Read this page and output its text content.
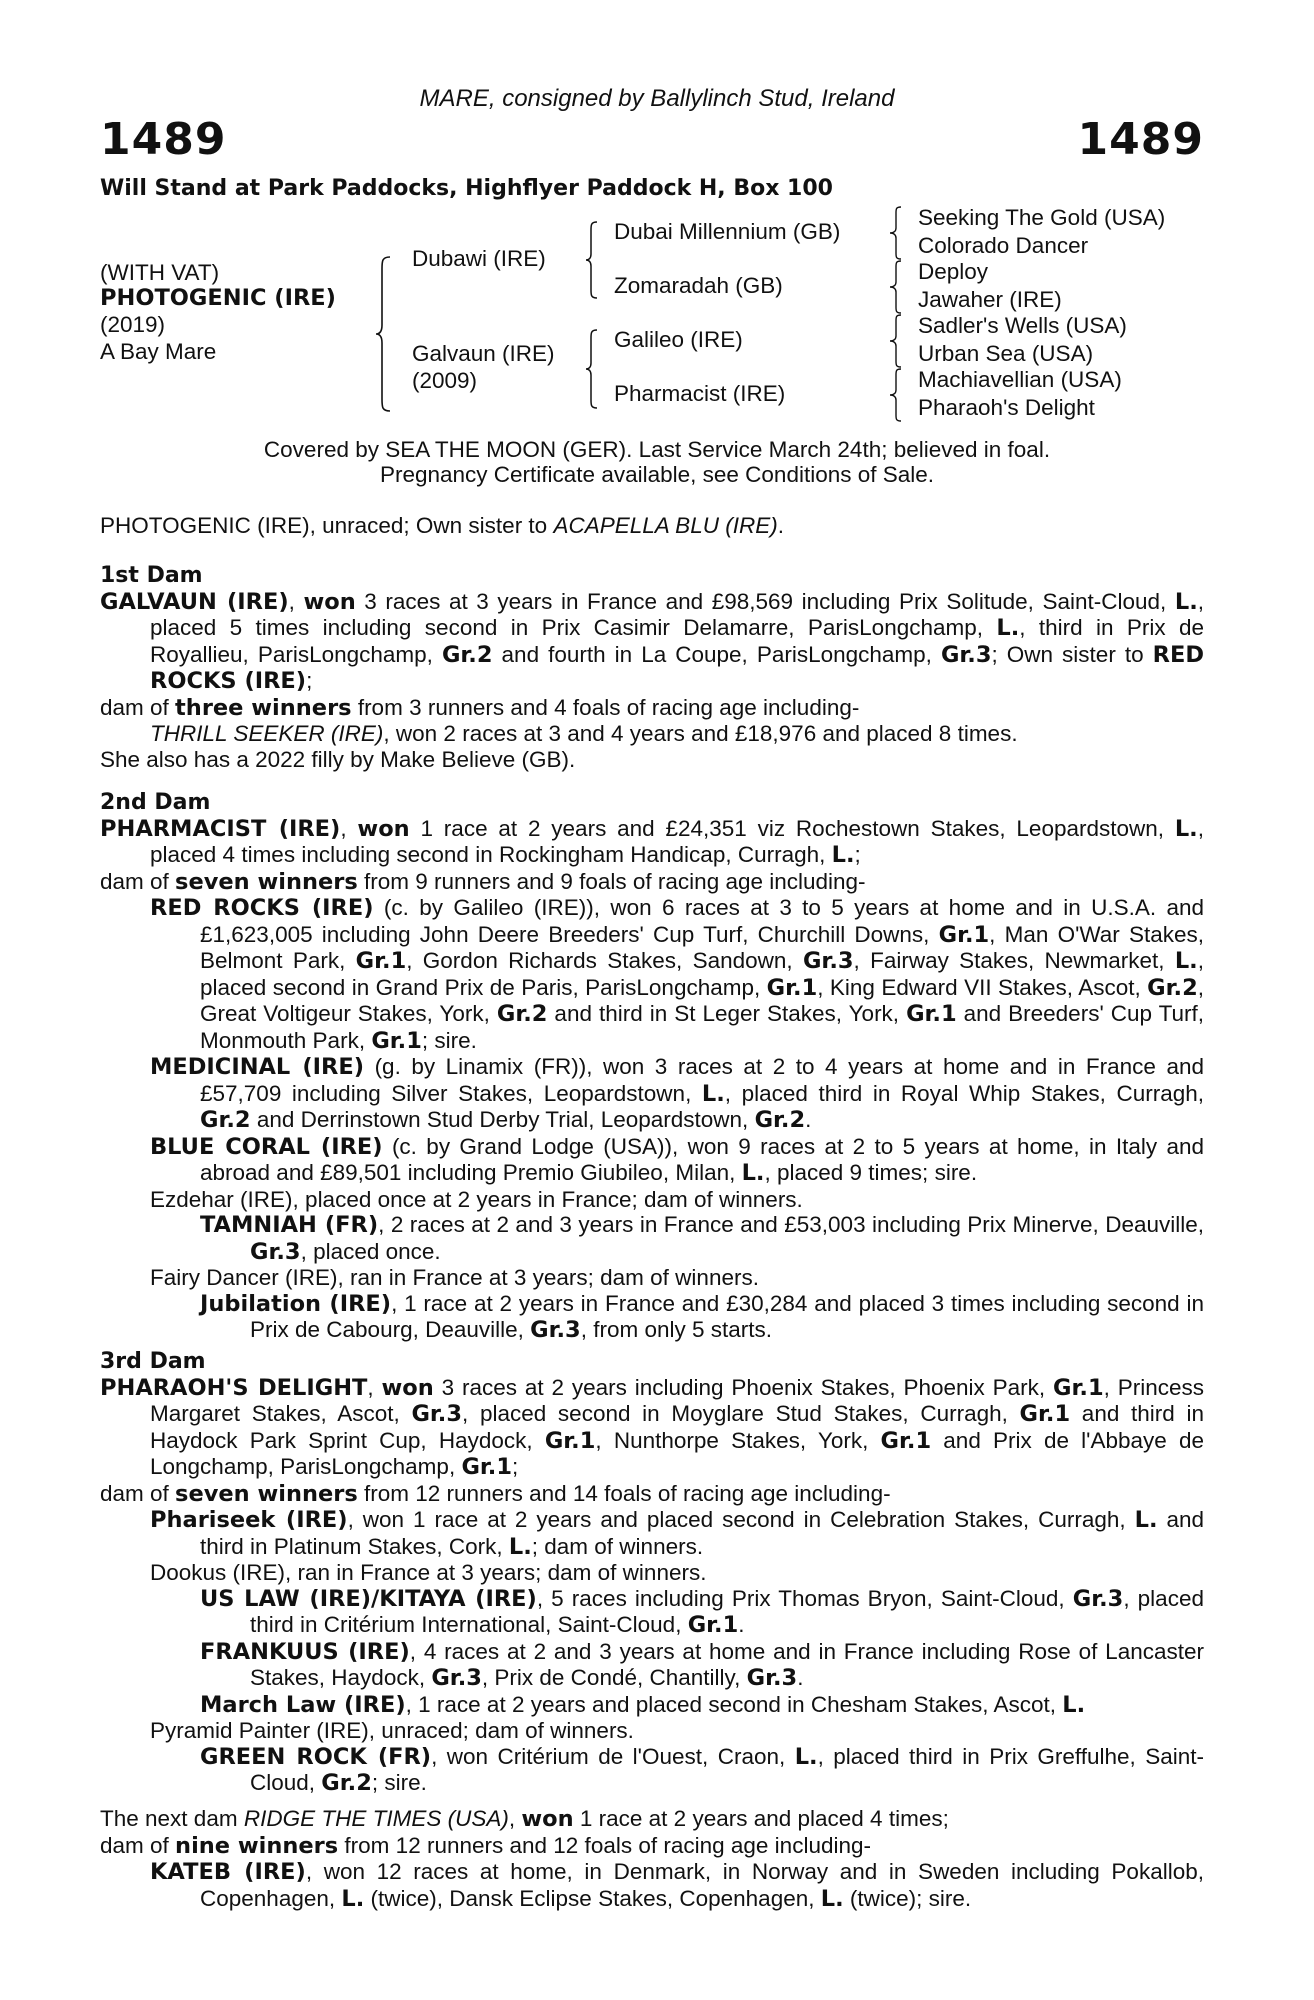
MARE, consigned by Ballylinch Stud, Ireland
1489	1489
Will Stand at Park Paddocks, Highflyer Paddock H, Box 100
(WITH VAT)
PHOTOGENIC (IRE)
(2019)
A Bay Mare
Dubawi (IRE)
Galvaun (IRE)
(2009)
Dubai Millennium (GB)
Zomaradah (GB)
Galileo (IRE)
Pharmacist (IRE)
Seeking The Gold (USA)
Colorado Dancer
Deploy
Jawaher (IRE)
Sadler's Wells (USA)
Urban Sea (USA)
Machiavellian (USA)
Pharaoh's Delight
Covered by SEA THE MOON (GER). Last Service March 24th; believed in foal.
Pregnancy Certificate available, see Conditions of Sale.
PHOTOGENIC (IRE), unraced; Own sister to ACAPELLA BLU (IRE).
1st Dam
GALVAUN (IRE), won 3 races at 3 years in France and £98,569 including Prix Solitude, Saint-Cloud, L., placed 5 times including second in Prix Casimir Delamarre, ParisLongchamp, L., third in Prix de Royallieu, ParisLongchamp, Gr.2 and fourth in La Coupe, ParisLongchamp, Gr.3; Own sister to RED ROCKS (IRE);
dam of three winners from 3 runners and 4 foals of racing age including-
THRILL SEEKER (IRE), won 2 races at 3 and 4 years and £18,976 and placed 8 times.
She also has a 2022 filly by Make Believe (GB).
2nd Dam
PHARMACIST (IRE), won 1 race at 2 years and £24,351 viz Rochestown Stakes, Leopardstown, L., placed 4 times including second in Rockingham Handicap, Curragh, L.;
dam of seven winners from 9 runners and 9 foals of racing age including-
RED ROCKS (IRE) (c. by Galileo (IRE)), won 6 races at 3 to 5 years at home and in U.S.A. and £1,623,005 including John Deere Breeders' Cup Turf, Churchill Downs, Gr.1, Man O'War Stakes, Belmont Park, Gr.1, Gordon Richards Stakes, Sandown, Gr.3, Fairway Stakes, Newmarket, L., placed second in Grand Prix de Paris, ParisLongchamp, Gr.1, King Edward VII Stakes, Ascot, Gr.2, Great Voltigeur Stakes, York, Gr.2 and third in St Leger Stakes, York, Gr.1 and Breeders' Cup Turf, Monmouth Park, Gr.1; sire.
MEDICINAL (IRE) (g. by Linamix (FR)), won 3 races at 2 to 4 years at home and in France and £57,709 including Silver Stakes, Leopardstown, L., placed third in Royal Whip Stakes, Curragh, Gr.2 and Derrinstown Stud Derby Trial, Leopardstown, Gr.2.
BLUE CORAL (IRE) (c. by Grand Lodge (USA)), won 9 races at 2 to 5 years at home, in Italy and abroad and £89,501 including Premio Giubileo, Milan, L., placed 9 times; sire.
Ezdehar (IRE), placed once at 2 years in France; dam of winners.
TAMNIAH (FR), 2 races at 2 and 3 years in France and £53,003 including Prix Minerve, Deauville, Gr.3, placed once.
Fairy Dancer (IRE), ran in France at 3 years; dam of winners.
Jubilation (IRE), 1 race at 2 years in France and £30,284 and placed 3 times including second in Prix de Cabourg, Deauville, Gr.3, from only 5 starts.
3rd Dam
PHARAOH'S DELIGHT, won 3 races at 2 years including Phoenix Stakes, Phoenix Park, Gr.1, Princess Margaret Stakes, Ascot, Gr.3, placed second in Moyglare Stud Stakes, Curragh, Gr.1 and third in Haydock Park Sprint Cup, Haydock, Gr.1, Nunthorpe Stakes, York, Gr.1 and Prix de l'Abbaye de Longchamp, ParisLongchamp, Gr.1;
dam of seven winners from 12 runners and 14 foals of racing age including-
Phariseek (IRE), won 1 race at 2 years and placed second in Celebration Stakes, Curragh, L. and third in Platinum Stakes, Cork, L.; dam of winners.
Dookus (IRE), ran in France at 3 years; dam of winners.
US LAW (IRE)/KITAYA (IRE), 5 races including Prix Thomas Bryon, Saint-Cloud, Gr.3, placed third in Critérium International, Saint-Cloud, Gr.1.
FRANKUUS (IRE), 4 races at 2 and 3 years at home and in France including Rose of Lancaster Stakes, Haydock, Gr.3, Prix de Condé, Chantilly, Gr.3.
March Law (IRE), 1 race at 2 years and placed second in Chesham Stakes, Ascot, L.
Pyramid Painter (IRE), unraced; dam of winners.
GREEN ROCK (FR), won Critérium de l'Ouest, Craon, L., placed third in Prix Greffulhe, Saint-Cloud, Gr.2; sire.
The next dam RIDGE THE TIMES (USA), won 1 race at 2 years and placed 4 times;
dam of nine winners from 12 runners and 12 foals of racing age including-
KATEB (IRE), won 12 races at home, in Denmark, in Norway and in Sweden including Pokallob, Copenhagen, L. (twice), Dansk Eclipse Stakes, Copenhagen, L. (twice); sire.
